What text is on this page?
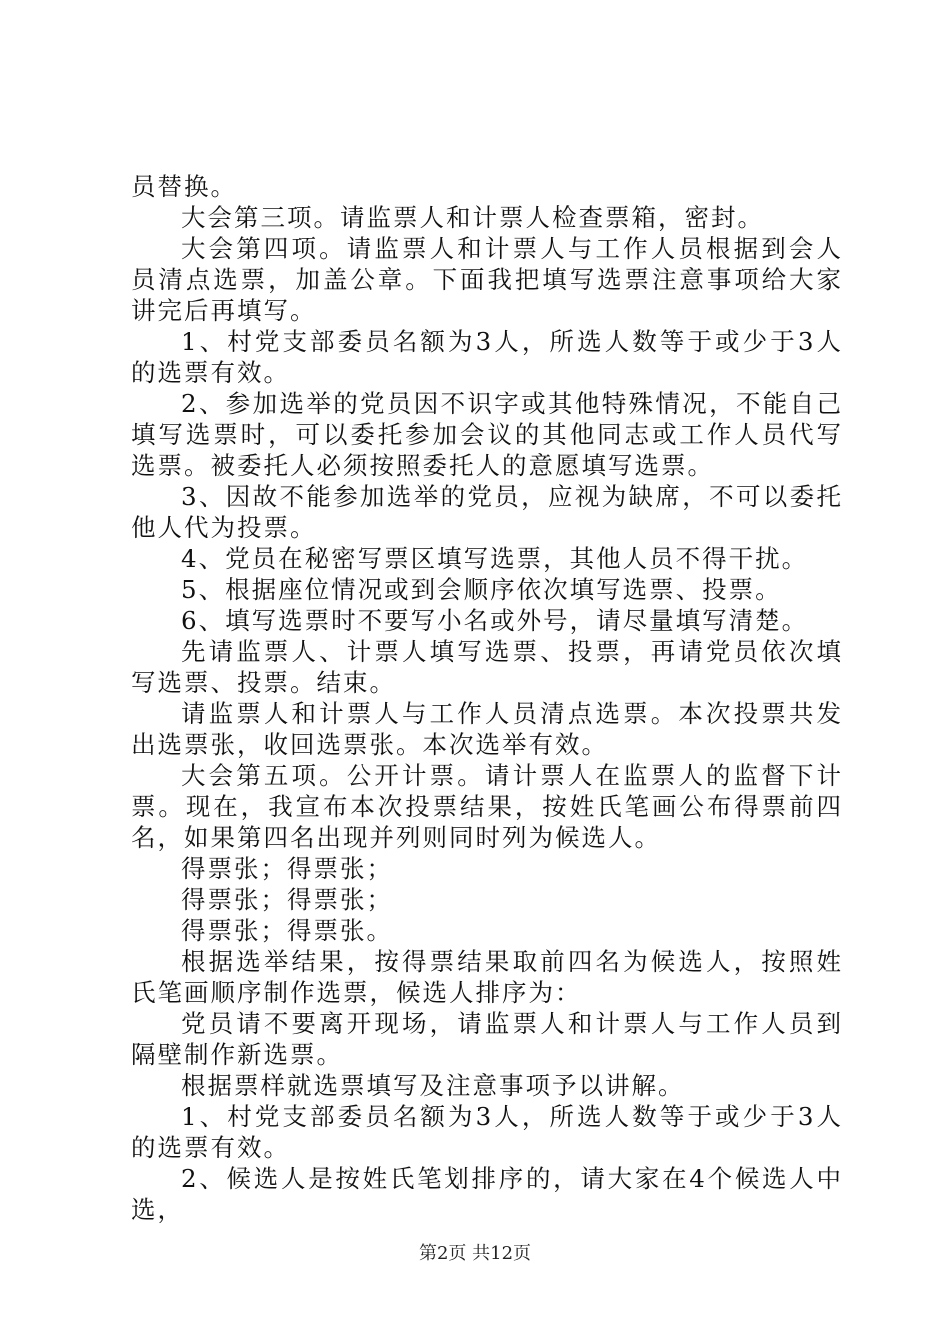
员替换。

大会第三项。请监票人和计票人检查票箱，密封。

大会第四项。请监票人和计票人与工作人员根据到会人员清点选票，加盖公章。下面我把填写选票注意事项给大家讲完后再填写。

1、村党支部委员名额为3人，所选人数等于或少于3人的选票有效。

2、参加选举的党员因不识字或其他特殊情况，不能自己填写选票时，可以委托参加会议的其他同志或工作人员代写选票。被委托人必须按照委托人的意愿填写选票。

3、因故不能参加选举的党员，应视为缺席，不可以委托他人代为投票。

4、党员在秘密写票区填写选票，其他人员不得干扰。

5、根据座位情况或到会顺序依次填写选票、投票。

6、填写选票时不要写小名或外号，请尽量填写清楚。

先请监票人、计票人填写选票、投票，再请党员依次填写选票、投票。结束。

请监票人和计票人与工作人员清点选票。本次投票共发出选票张，收回选票张。本次选举有效。

大会第五项。公开计票。请计票人在监票人的监督下计票。现在，我宣布本次投票结果，按姓氏笔画公布得票前四名，如果第四名出现并列则同时列为候选人。

得票张；得票张；

得票张；得票张；

得票张；得票张。

根据选举结果，按得票结果取前四名为候选人，按照姓氏笔画顺序制作选票，候选人排序为：

党员请不要离开现场，请监票人和计票人与工作人员到隔壁制作新选票。

根据票样就选票填写及注意事项予以讲解。

1、村党支部委员名额为3人，所选人数等于或少于3人的选票有效。

2、候选人是按姓氏笔划排序的，请大家在4个候选人中选，

第2页 共12页
